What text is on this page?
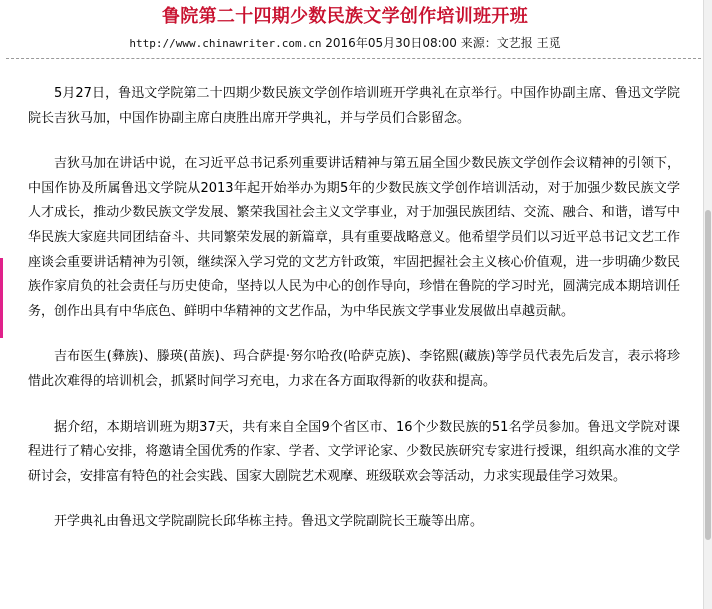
鲁院第二十四期少数民族文学创作培训班开班
http://www.chinawriter.com.cn 2016年05月30日08:00 来源：文艺报 王觅

5月27日，鲁迅文学院第二十四期少数民族文学创作培训班开学典礼在京举行。中国作协副主席、鲁迅文学院院长吉狄马加，中国作协副主席白庚胜出席开学典礼，并与学员们合影留念。

吉狄马加在讲话中说，在习近平总书记系列重要讲话精神与第五届全国少数民族文学创作会议精神的引领下，中国作协及所属鲁迅文学院从2013年起开始举办为期5年的少数民族文学创作培训活动，对于加强少数民族文学人才成长，推动少数民族文学发展、繁荣我国社会主义文学事业，对于加强民族团结、交流、融合、和谐，谱写中华民族大家庭共同团结奋斗、共同繁荣发展的新篇章，具有重要战略意义。他希望学员们以习近平总书记文艺工作座谈会重要讲话精神为引领，继续深入学习党的文艺方针政策，牢固把握社会主义核心价值观，进一步明确少数民族作家肩负的社会责任与历史使命，坚持以人民为中心的创作导向，珍惜在鲁院的学习时光，圆满完成本期培训任务，创作出具有中华底色、鲜明中华精神的文艺作品，为中华民族文学事业发展做出卓越贡献。

吉布医生(彝族)、滕瑛(苗族)、玛合萨提·努尔哈孜(哈萨克族)、李铭熙(藏族)等学员代表先后发言，表示将珍惜此次难得的培训机会，抓紧时间学习充电，力求在各方面取得新的收获和提高。

据介绍，本期培训班为期37天，共有来自全国9个省区市、16个少数民族的51名学员参加。鲁迅文学院对课程进行了精心安排，将邀请全国优秀的作家、学者、文学评论家、少数民族研究专家进行授课，组织高水准的文学研讨会，安排富有特色的社会实践、国家大剧院艺术观摩、班级联欢会等活动，力求实现最佳学习效果。

开学典礼由鲁迅文学院副院长邱华栋主持。鲁迅文学院副院长王璇等出席。
